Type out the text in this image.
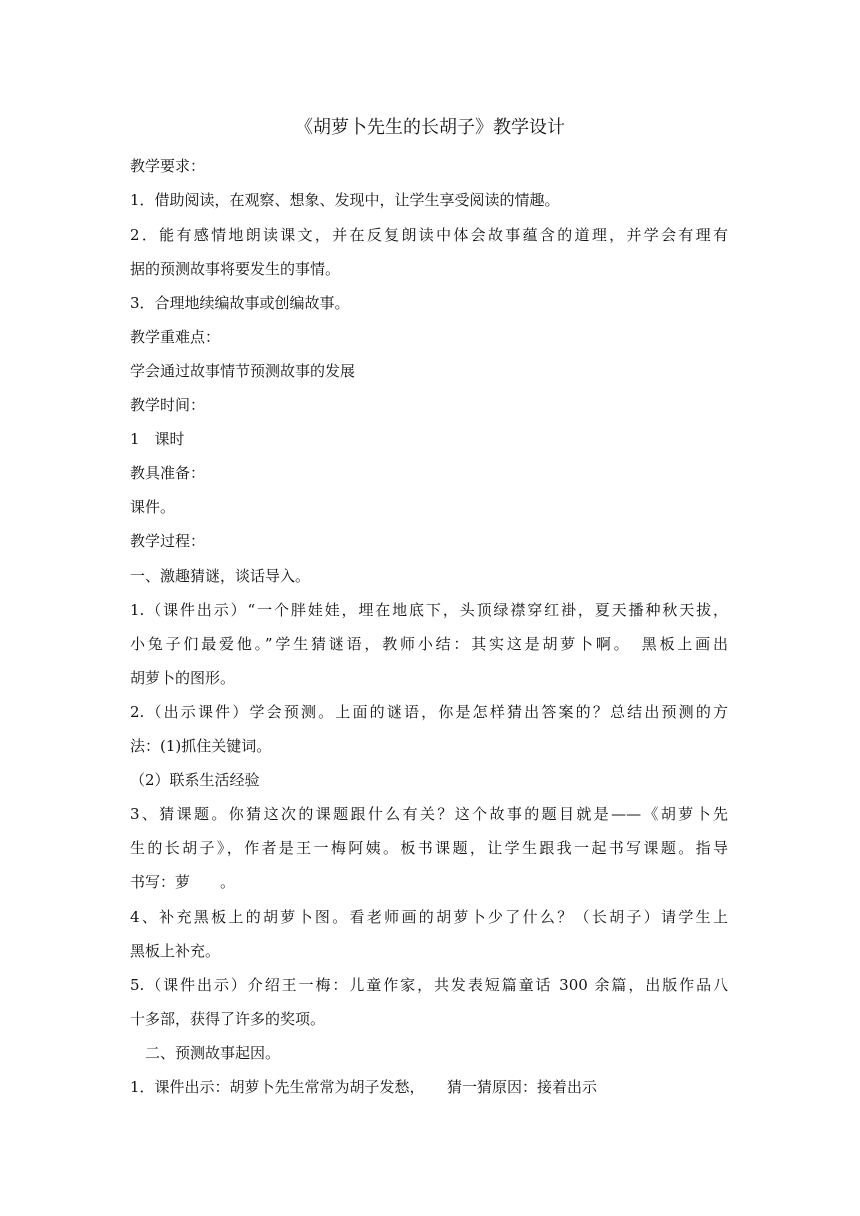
《胡萝卜先生的长胡子》教学设计
教学要求：
1．借助阅读，在观察、想象、发现中，让学生享受阅读的情趣。
2．能有感情地朗读课文，并在反复朗读中体会故事蕴含的道理，并学会有理有
据的预测故事将要发生的事情。
3．合理地续编故事或创编故事。
教学重难点：
学会通过故事情节预测故事的发展
教学时间：
1　课时
教具准备：
课件。
教学过程：
一、激趣猜谜，谈话导入。
1.（课件出示）“一个胖娃娃，埋在地底下，头顶绿襟穿红褂，夏天播种秋天拔，
小兔子们最爱他。”学生猜谜语，教师小结：其实这是胡萝卜啊。　黑板上画出
胡萝卜的图形。
2.（出示课件）学会预测。上面的谜语，你是怎样猜出答案的？总结出预测的方
法：(1)抓住关键词。
（2）联系生活经验
3、猜课题。你猜这次的课题跟什么有关？这个故事的题目就是——《胡萝卜先
生的长胡子》，作者是王一梅阿姨。板书课题，让学生跟我一起书写课题。指导
书写：萝　　。
4、补充黑板上的胡萝卜图。看老师画的胡萝卜少了什么？（长胡子）请学生上
黑板上补充。
5.（课件出示）介绍王一梅：儿童作家，共发表短篇童话 300 余篇，出版作品八
十多部，获得了许多的奖项。
　二、预测故事起因。
1．课件出示：胡萝卜先生常常为胡子发愁，　　猜一猜原因：接着出示
